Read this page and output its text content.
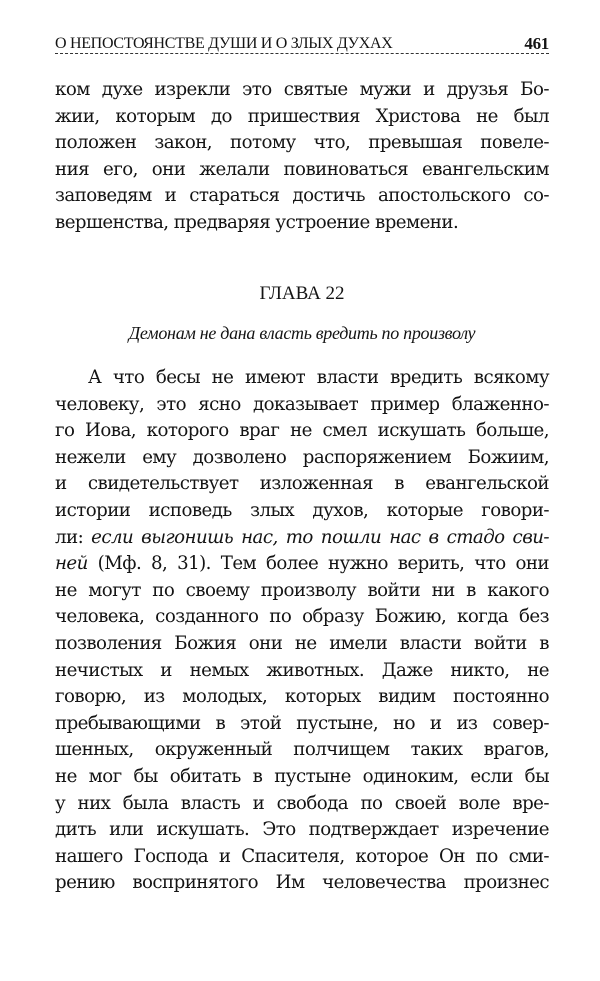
О НЕПОСТОЯНСТВЕ ДУШИ И О ЗЛЫХ ДУХАХ	461
ком духе изрекли это святые мужи и друзья Бо-
жии, которым до пришествия Христова не был
положен закон, потому что, превышая повеле-
ния его, они желали повиноваться евангельским
заповедям и стараться достичь апостольского со-
вершенства, предваряя устроение времени.
ГЛАВА 22
Демонам не дана власть вредить по произволу
А что бесы не имеют власти вредить всякому
человеку, это ясно доказывает пример блаженно-
го Иова, которого враг не смел искушать больше,
нежели ему дозволено распоряжением Божиим,
и свидетельствует изложенная в евангельской
истории исповедь злых духов, которые говори-
ли: если выгонишь нас, то пошли нас в стадо сви-
ней (Мф. 8, 31). Тем более нужно верить, что они
не могут по своему произволу войти ни в какого
человека, созданного по образу Божию, когда без
позволения Божия они не имели власти войти в
нечистых и немых животных. Даже никто, не
говорю, из молодых, которых видим постоянно
пребывающими в этой пустыне, но и из совер-
шенных, окруженный полчищем таких врагов,
не мог бы обитать в пустыне одиноким, если бы
у них была власть и свобода по своей воле вре-
дить или искушать. Это подтверждает изречение
нашего Господа и Спасителя, которое Он по сми-
рению воспринятого Им человечества произнес
